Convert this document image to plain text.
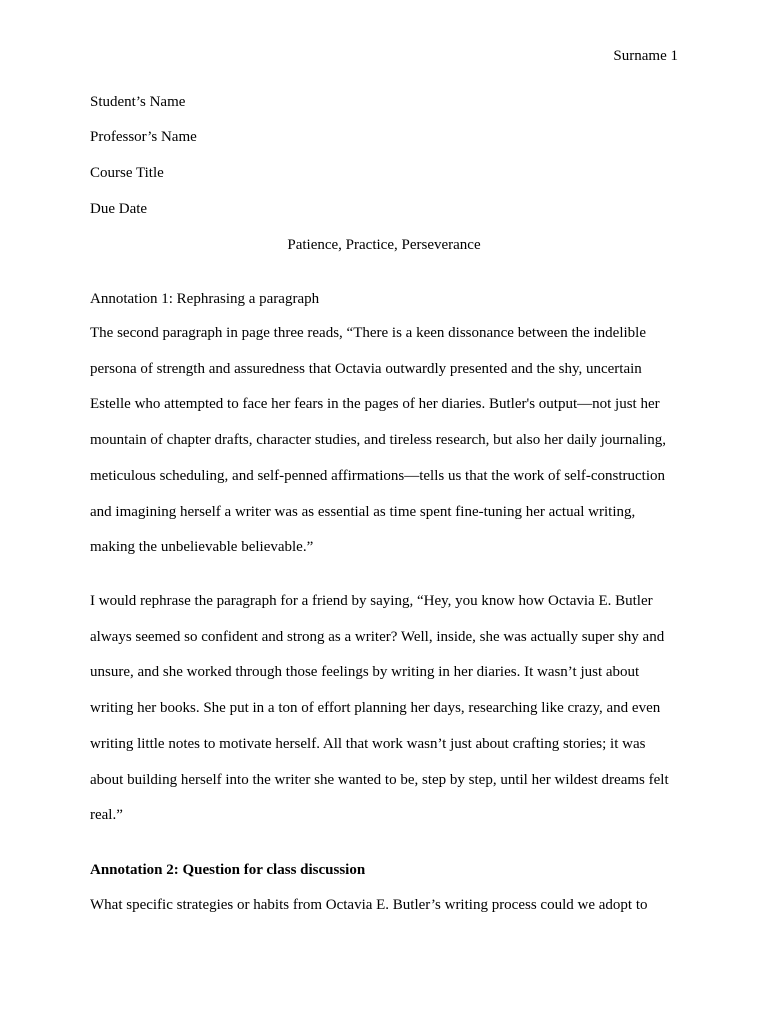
Surname 1
Student’s Name
Professor’s Name
Course Title
Due Date
Patience, Practice, Perseverance
Annotation 1: Rephrasing a paragraph
The second paragraph in page three reads, “There is a keen dissonance between the indelible
persona of strength and assuredness that Octavia outwardly presented and the shy, uncertain
Estelle who attempted to face her fears in the pages of her diaries. Butler's output—not just her
mountain of chapter drafts, character studies, and tireless research, but also her daily journaling,
meticulous scheduling, and self-penned affirmations—tells us that the work of self-construction
and imagining herself a writer was as essential as time spent fine-tuning her actual writing,
making the unbelievable believable.”
I would rephrase the paragraph for a friend by saying, “Hey, you know how Octavia E. Butler
always seemed so confident and strong as a writer? Well, inside, she was actually super shy and
unsure, and she worked through those feelings by writing in her diaries. It wasn’t just about
writing her books. She put in a ton of effort planning her days, researching like crazy, and even
writing little notes to motivate herself. All that work wasn’t just about crafting stories; it was
about building herself into the writer she wanted to be, step by step, until her wildest dreams felt
real.”
Annotation 2: Question for class discussion
What specific strategies or habits from Octavia E. Butler’s writing process could we adopt to
